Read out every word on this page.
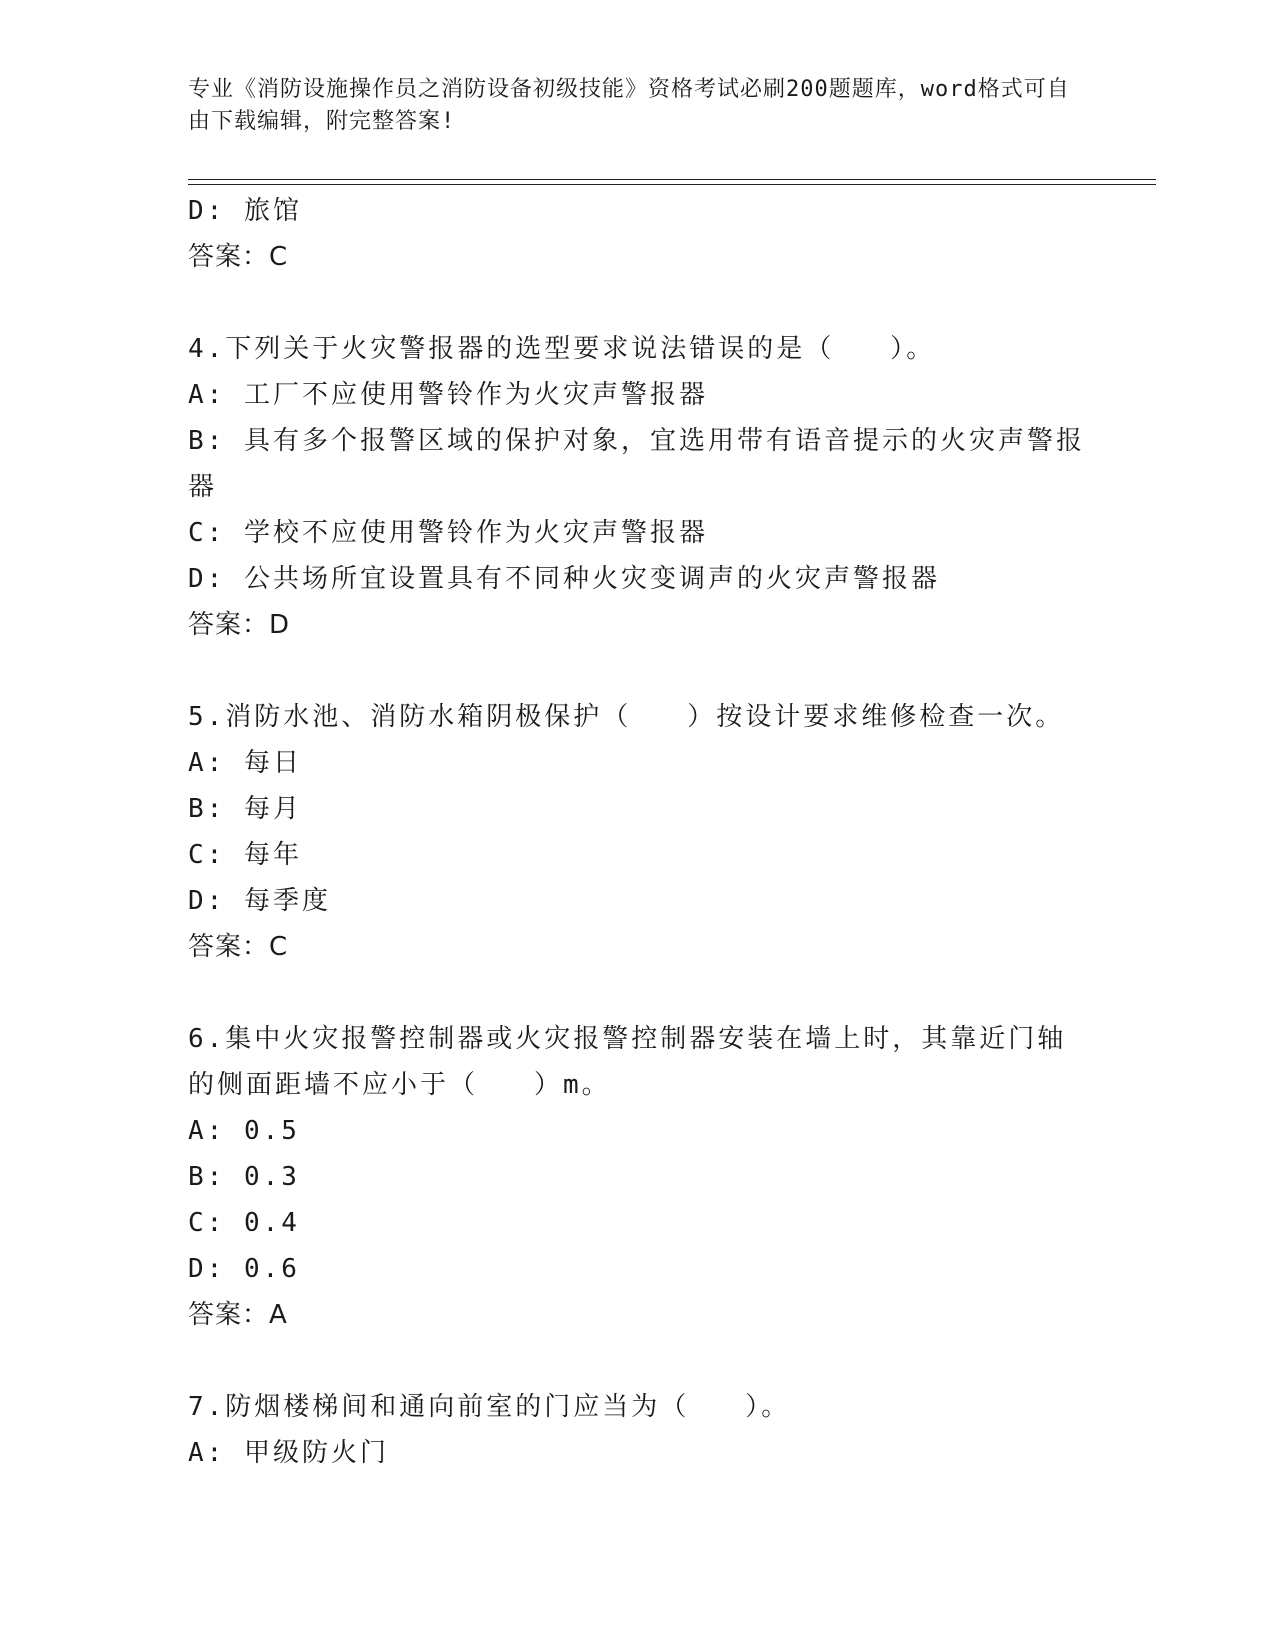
专业《消防设施操作员之消防设备初级技能》资格考试必刷200题题库，word格式可自由下载编辑，附完整答案!
D: 旅馆
答案：C
4.下列关于火灾警报器的选型要求说法错误的是（   ）。
A: 工厂不应使用警铃作为火灾声警报器
B: 具有多个报警区域的保护对象，宜选用带有语音提示的火灾声警报器
C: 学校不应使用警铃作为火灾声警报器
D: 公共场所宜设置具有不同种火灾变调声的火灾声警报器
答案：D
5.消防水池、消防水箱阴极保护（   ）按设计要求维修检查一次。
A: 每日
B: 每月
C: 每年
D: 每季度
答案：C
6.集中火灾报警控制器或火灾报警控制器安装在墙上时，其靠近门轴的侧面距墙不应小于（   ）m。
A: 0.5
B: 0.3
C: 0.4
D: 0.6
答案：A
7.防烟楼梯间和通向前室的门应当为（   ）。
A: 甲级防火门
